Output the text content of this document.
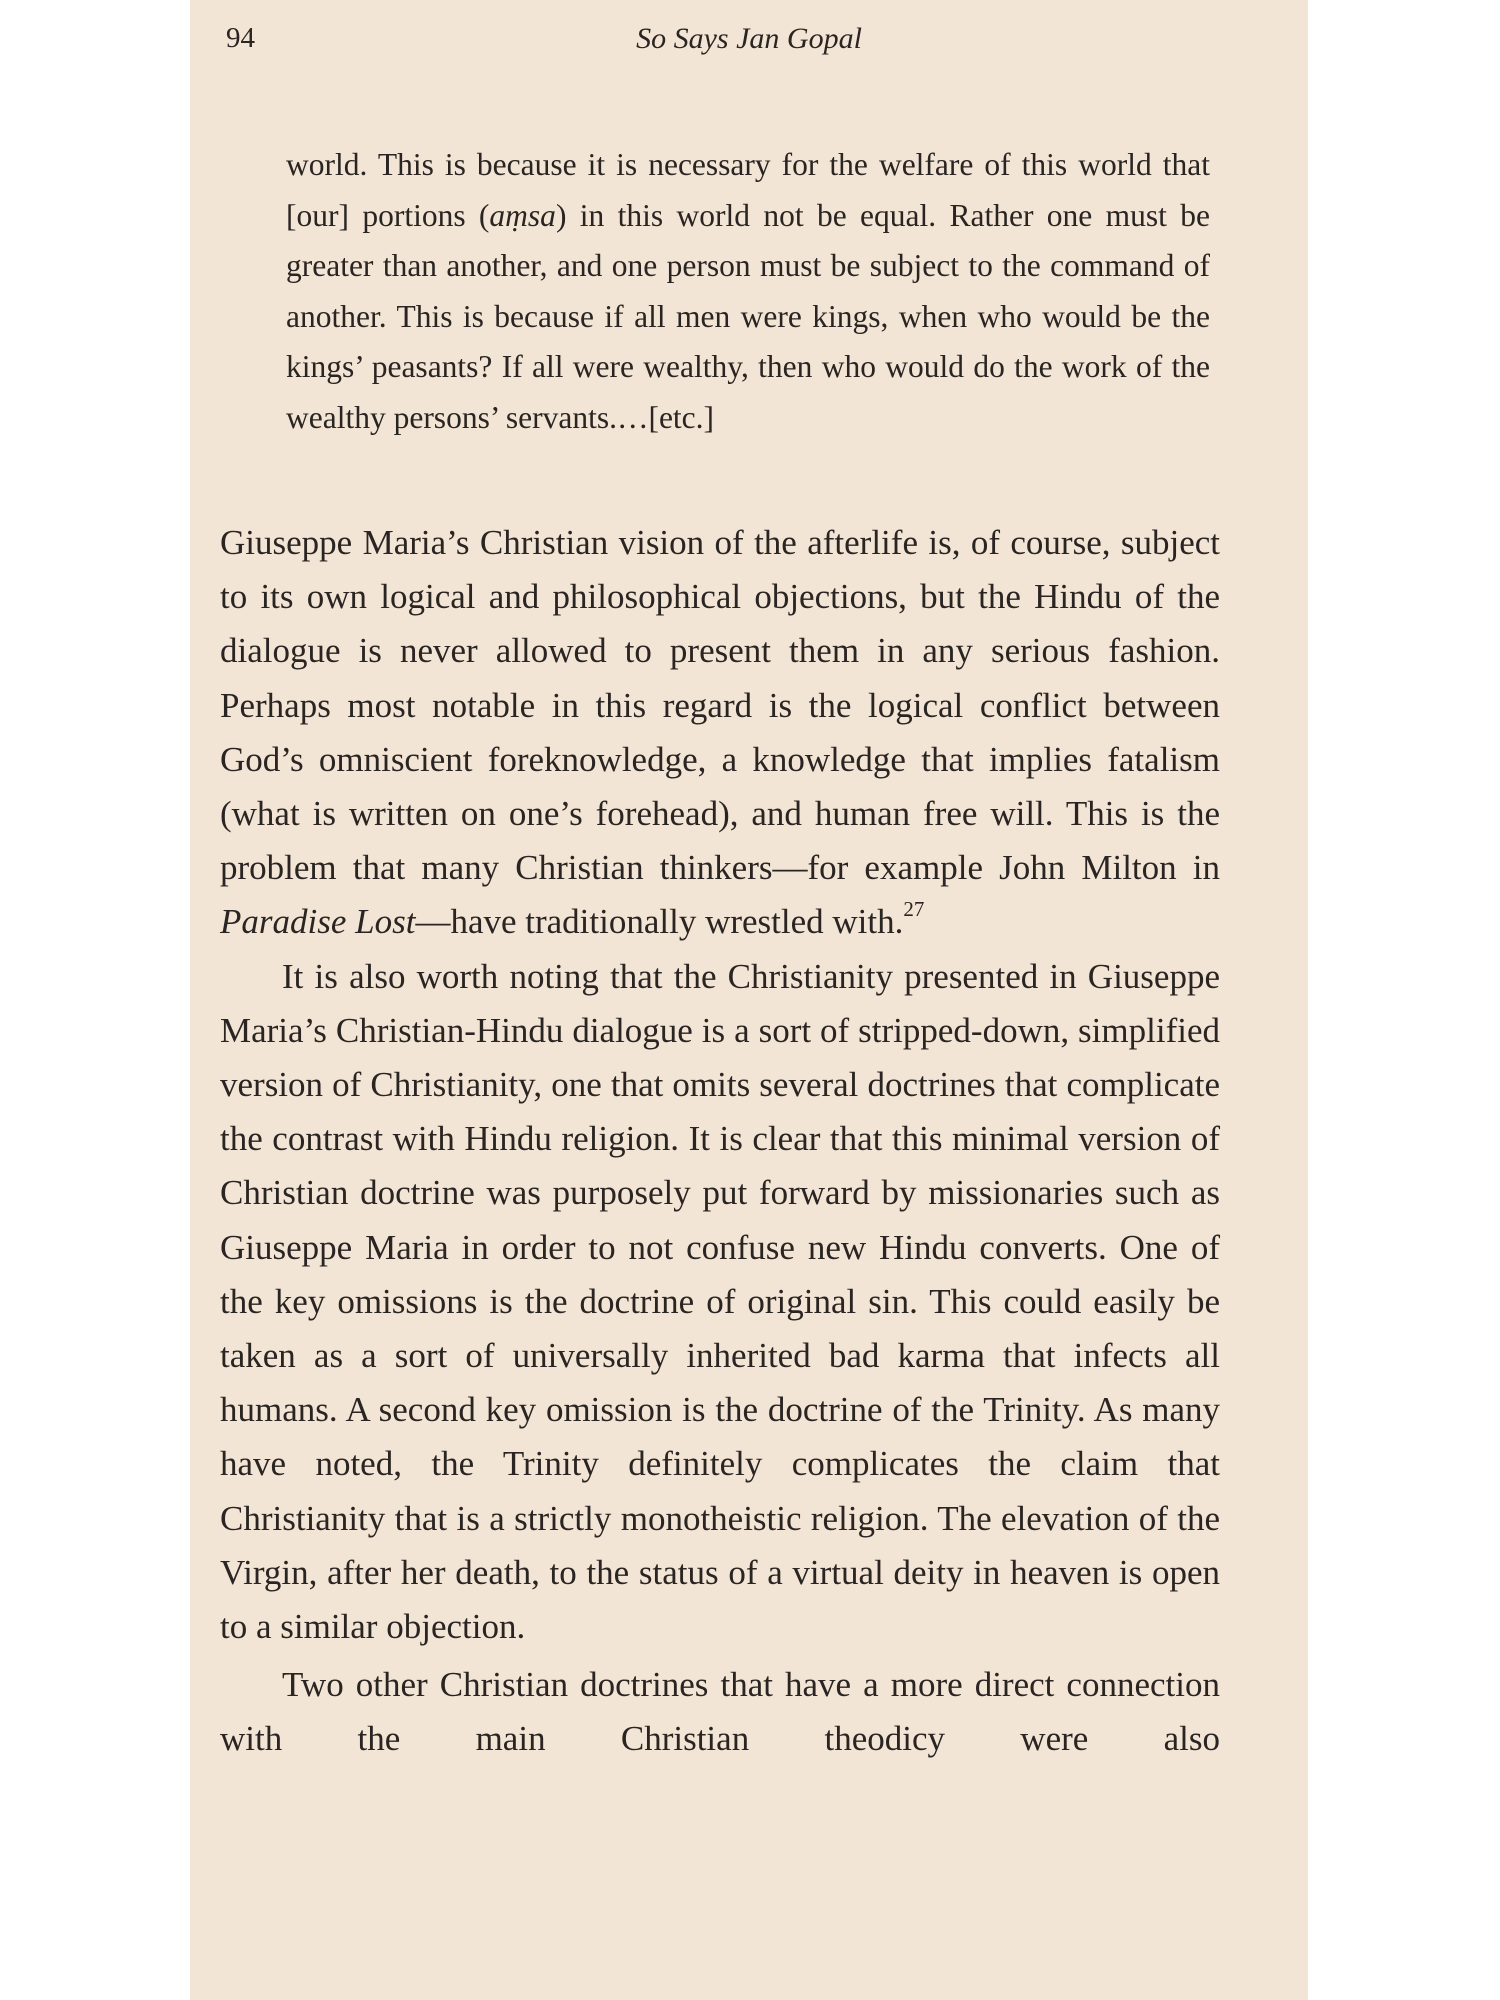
94	So Says Jan Gopal
world. This is because it is necessary for the welfare of this world that [our] portions (aṃsa) in this world not be equal. Rather one must be greater than another, and one person must be subject to the command of another. This is because if all men were kings, when who would be the kings’ peasants? If all were wealthy, then who would do the work of the wealthy persons’ servants.…[etc.]

Giuseppe Maria’s Christian vision of the afterlife is, of course, subject to its own logical and philosophical objections, but the Hindu of the dialogue is never allowed to present them in any serious fashion. Perhaps most notable in this regard is the logical conflict between God’s omniscient foreknowledge, a knowledge that implies fatalism (what is written on one’s forehead), and human free will. This is the problem that many Christian thinkers—for example John Milton in Paradise Lost—have traditionally wrestled with.$^{27}$

It is also worth noting that the Christianity presented in Giuseppe Maria’s Christian-Hindu dialogue is a sort of stripped-down, simplified version of Christianity, one that omits several doctrines that complicate the contrast with Hindu religion. It is clear that this minimal version of Christian doctrine was purposely put forward by missionaries such as Giuseppe Maria in order to not confuse new Hindu converts. One of the key omissions is the doctrine of original sin. This could easily be taken as a sort of universally inherited bad karma that infects all humans. A second key omission is the doctrine of the Trinity. As many have noted, the Trinity definitely complicates the claim that Christianity that is a strictly monotheistic religion. The elevation of the Virgin, after her death, to the status of a virtual deity in heaven is open to a similar objection.

Two other Christian doctrines that have a more direct connection with the main Christian theodicy were also
